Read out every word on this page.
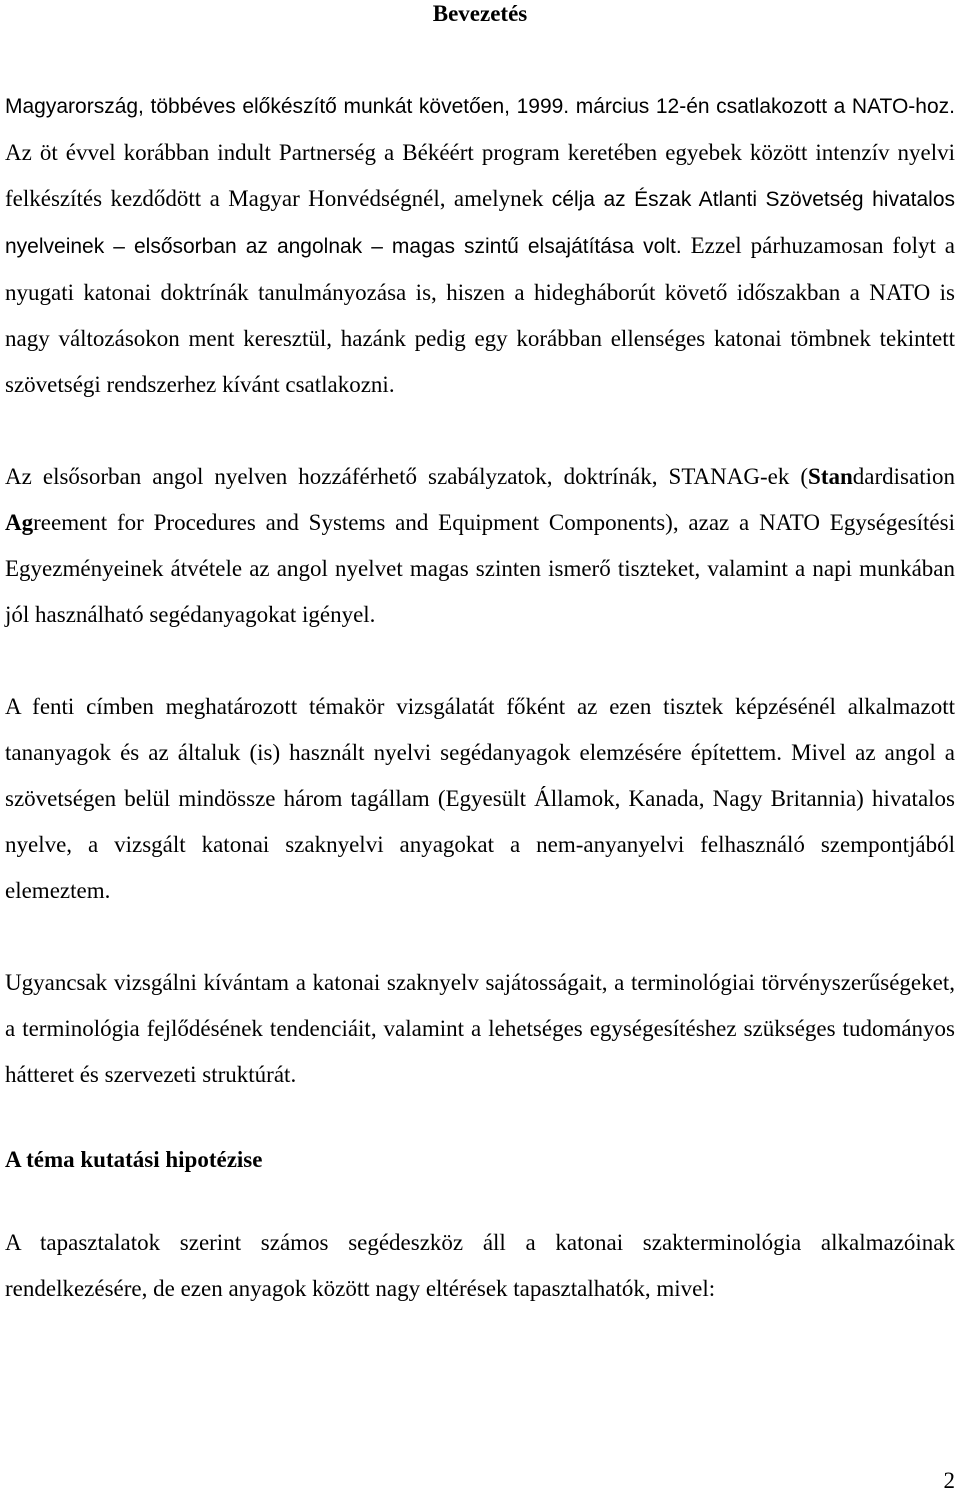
Bevezetés

Magyarország, többéves előkészítő munkát követően, 1999. március 12-én csatlakozott a NATO-hoz. Az öt évvel korábban indult Partnerség a Békéért program keretében egyebek között intenzív nyelvi felkészítés kezdődött a Magyar Honvédségnél, amelynek célja az Észak Atlanti Szövetség hivatalos nyelveinek – elsősorban az angolnak – magas szintű elsajátítása volt. Ezzel párhuzamosan folyt a nyugati katonai doktrínák tanulmányozása is, hiszen a hidegháborút követő időszakban a NATO is nagy változásokon ment keresztül, hazánk pedig egy korábban ellenséges katonai tömbnek tekintett szövetségi rendszerhez kívánt csatlakozni.

Az elsősorban angol nyelven hozzáférhető szabályzatok, doktrínák, STANAG-ek (Standardisation Agreement for Procedures and Systems and Equipment Components), azaz a NATO Egységesítési Egyezményeinek átvétele az angol nyelvet magas szinten ismerő tiszteket, valamint a napi munkában jól használható segédanyagokat igényel.

A fenti címben meghatározott témakör vizsgálatát főként az ezen tisztek képzésénél alkalmazott tananyagok és az általuk (is) használt nyelvi segédanyagok elemzésére építettem. Mivel az angol a szövetségen belül mindössze három tagállam (Egyesült Államok, Kanada, Nagy Britannia) hivatalos nyelve, a vizsgált katonai szaknyelvi anyagokat a nem-anyanyelvi felhasználó szempontjából elemeztem.

Ugyancsak vizsgálni kívántam a katonai szaknyelv sajátosságait, a terminológiai törvényszerűségeket, a terminológia fejlődésének tendenciáit, valamint a lehetséges egységesítéshez szükséges tudományos hátteret és szervezeti struktúrát.

A téma kutatási hipotézise

A tapasztalatok szerint számos segédeszköz áll a katonai szakterminológia alkalmazóinak rendelkezésére, de ezen anyagok között nagy eltérések tapasztalhatók, mivel:

2
